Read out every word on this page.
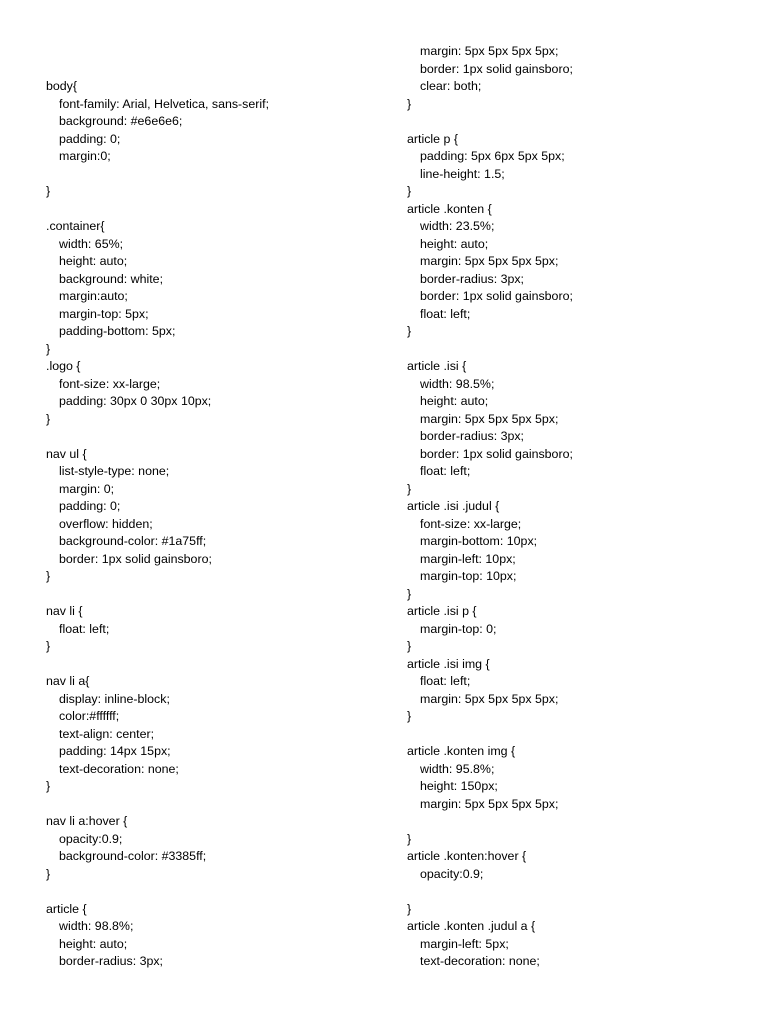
body{
font-family: Arial, Helvetica, sans-serif;
background: #e6e6e6;
padding: 0;
margin:0;
}
.container{
width: 65%;
height: auto;
background: white;
margin:auto;
margin-top: 5px;
padding-bottom: 5px;
}
.logo {
font-size: xx-large;
padding: 30px 0 30px 10px;
}
nav ul {
list-style-type: none;
margin: 0;
padding: 0;
overflow: hidden;
background-color: #1a75ff;
border: 1px solid gainsboro;
}
nav li {
float: left;
}
nav li a{
display: inline-block;
color:#ffffff;
text-align: center;
padding: 14px 15px;
text-decoration: none;
}
nav li a:hover {
opacity:0.9;
background-color: #3385ff;
}
article {
width: 98.8%;
height: auto;
border-radius: 3px;
margin: 5px 5px 5px 5px;
border: 1px solid gainsboro;
clear: both;
}
article p {
padding: 5px 6px 5px 5px;
line-height: 1.5;
}
article .konten {
width: 23.5%;
height: auto;
margin: 5px 5px 5px 5px;
border-radius: 3px;
border: 1px solid gainsboro;
float: left;
}
article .isi {
width: 98.5%;
height: auto;
margin: 5px 5px 5px 5px;
border-radius: 3px;
border: 1px solid gainsboro;
float: left;
}
article .isi .judul {
font-size: xx-large;
margin-bottom: 10px;
margin-left: 10px;
margin-top: 10px;
}
article .isi p {
margin-top: 0;
}
article .isi img {
float: left;
margin: 5px 5px 5px 5px;
}
article .konten img {
width: 95.8%;
height: 150px;
margin: 5px 5px 5px 5px;
}
article .konten:hover {
opacity:0.9;
}
article .konten .judul a {
margin-left: 5px;
text-decoration: none;
